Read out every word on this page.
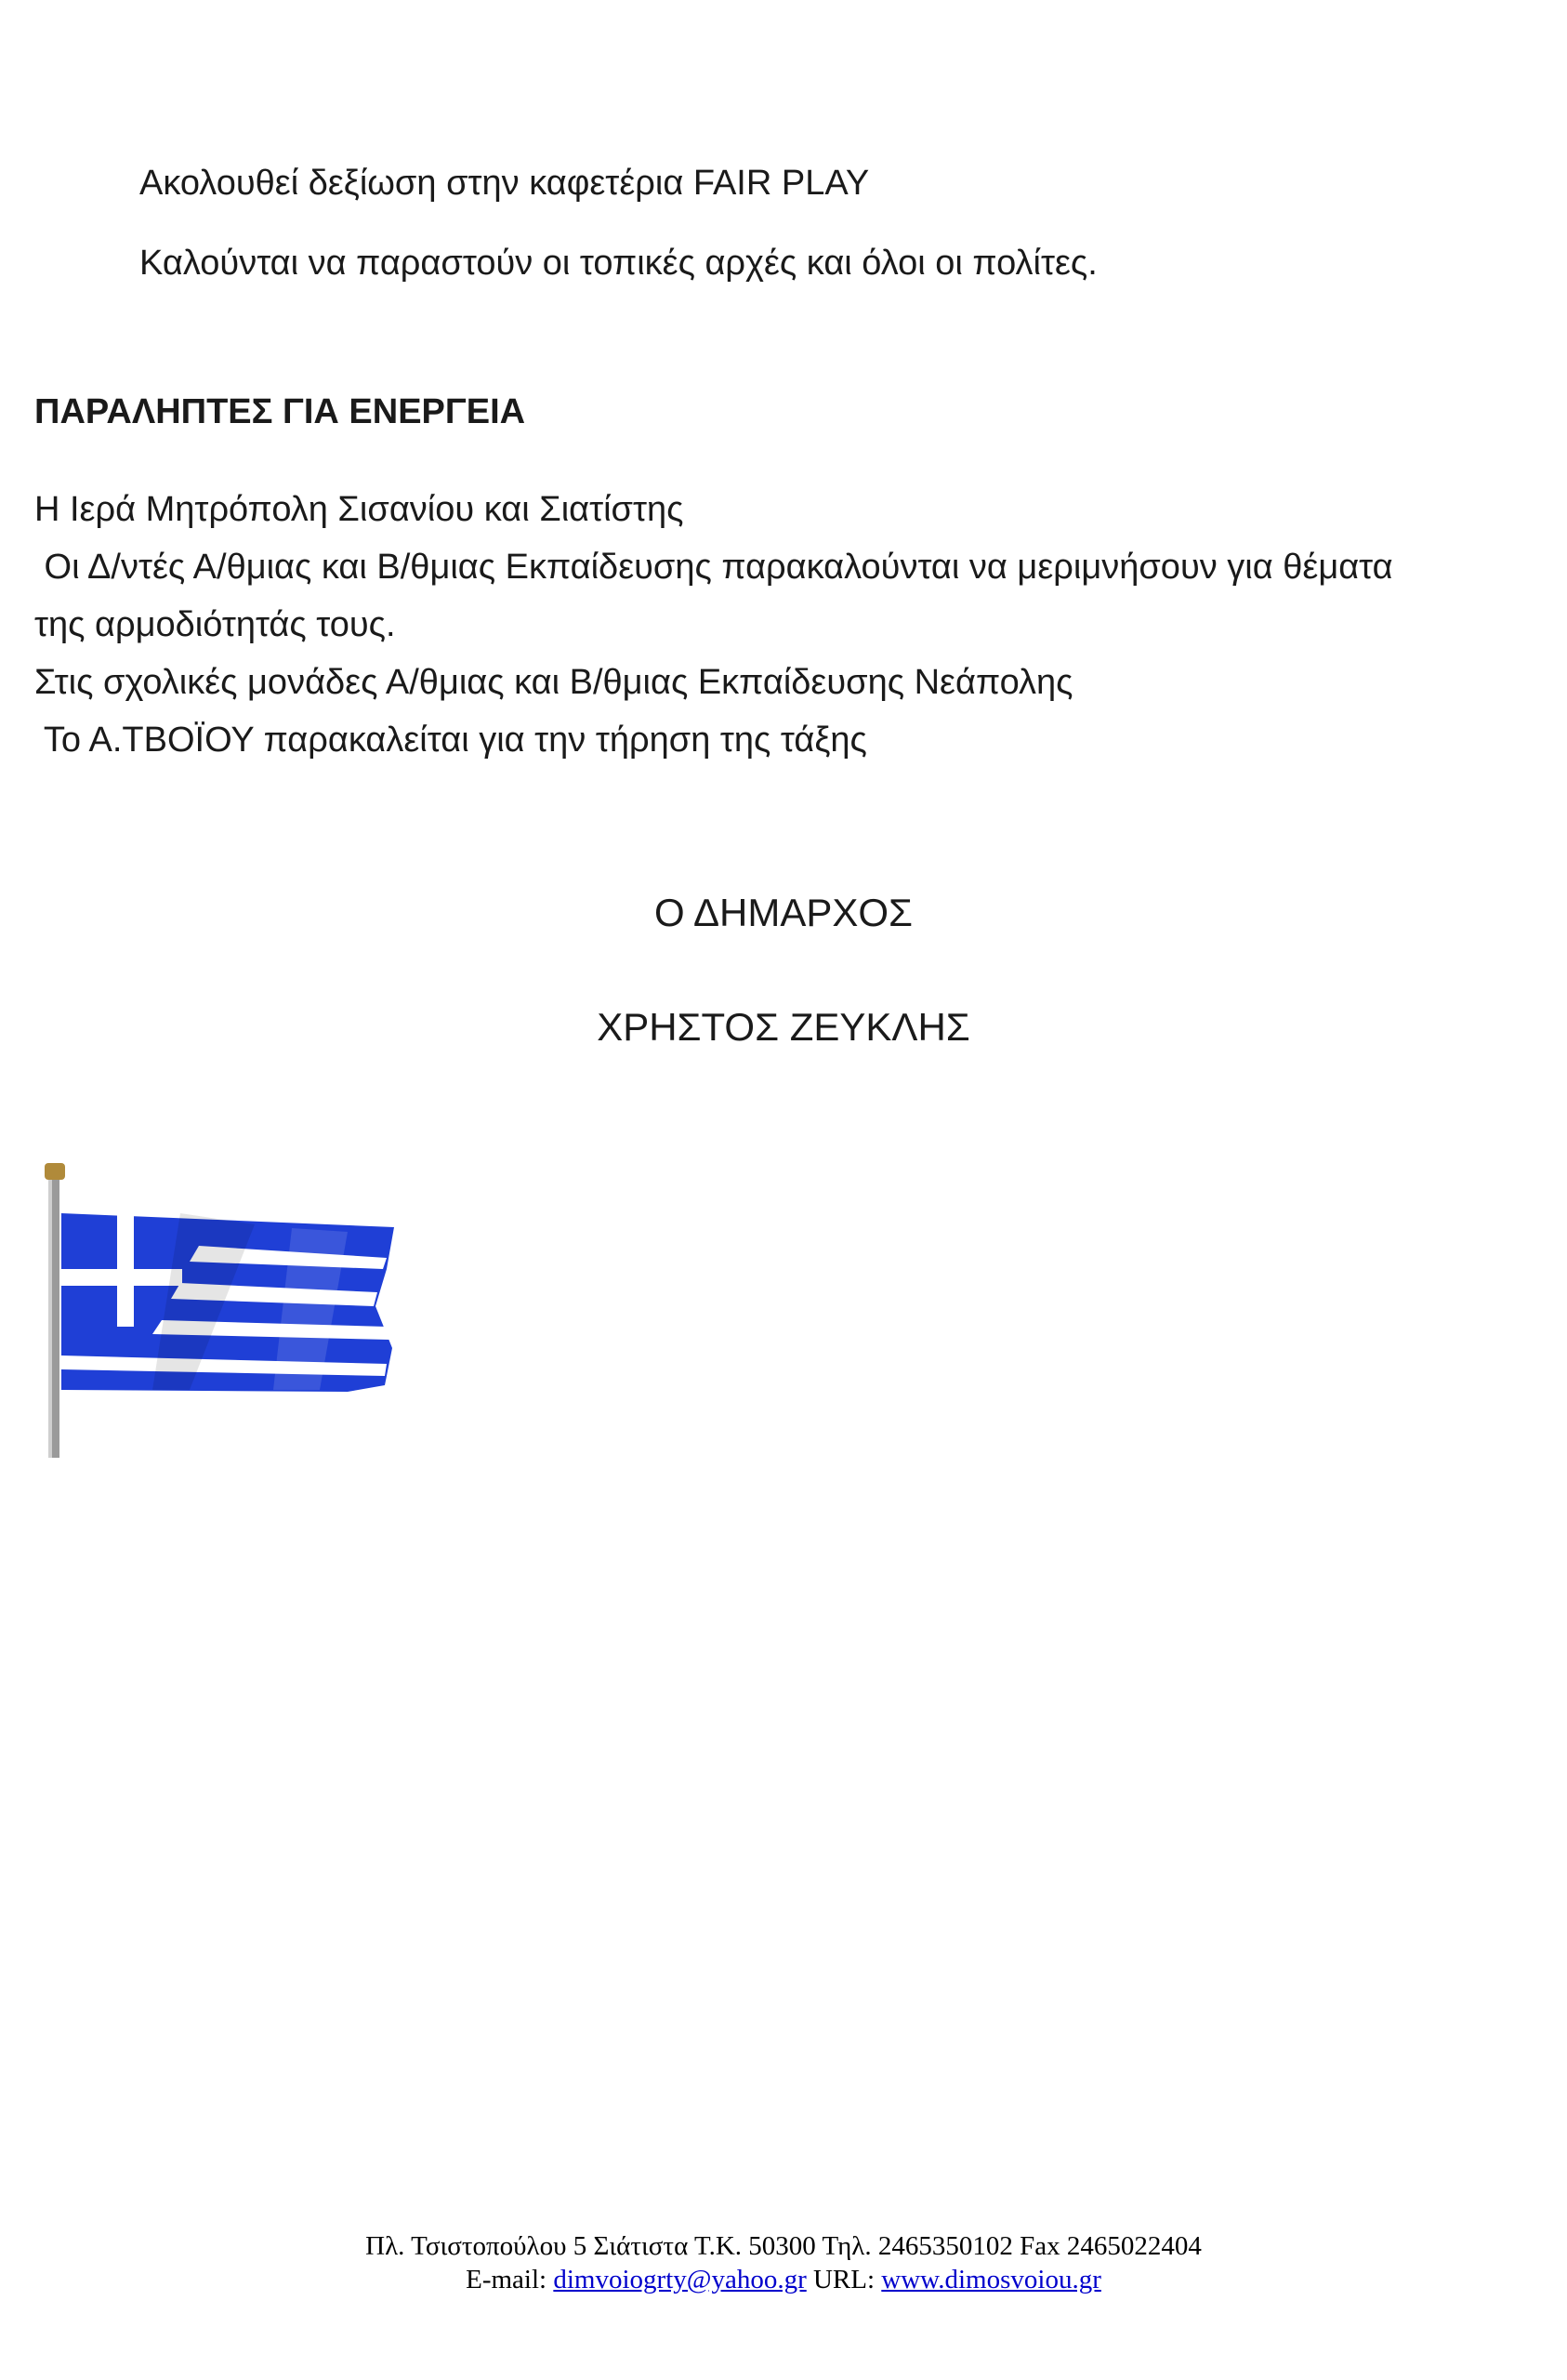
Ακολουθεί δεξίωση στην καφετέρια FAIR PLAY
Καλούνται να παραστούν οι τοπικές αρχές και όλοι οι πολίτες.
ΠΑΡΑΛΗΠΤΕΣ ΓΙΑ ΕΝΕΡΓΕΙΑ
Η Ιερά Μητρόπολη Σισανίου και Σιατίστης
Οι Δ/ντές Α/θμιας και Β/θμιας Εκπαίδευσης παρακαλούνται να μεριμνήσουν για θέματα
της αρμοδιότητάς τους.
Στις σχολικές μονάδες Α/θμιας και Β/θμιας Εκπαίδευσης Νεάπολης
Το Α.ΤΒΟΪΟΥ παρακαλείται για την τήρηση της τάξης
Ο ΔΗΜΑΡΧΟΣ
ΧΡΗΣΤΟΣ ΖΕΥΚΛΗΣ
Πλ. Τσιστοπούλου 5 Σιάτιστα Τ.Κ. 50300 Τηλ. 2465350102 Fax 2465022404
E-mail: dimvoiogrty@yahoo.gr URL: www.dimosvoiou.gr
